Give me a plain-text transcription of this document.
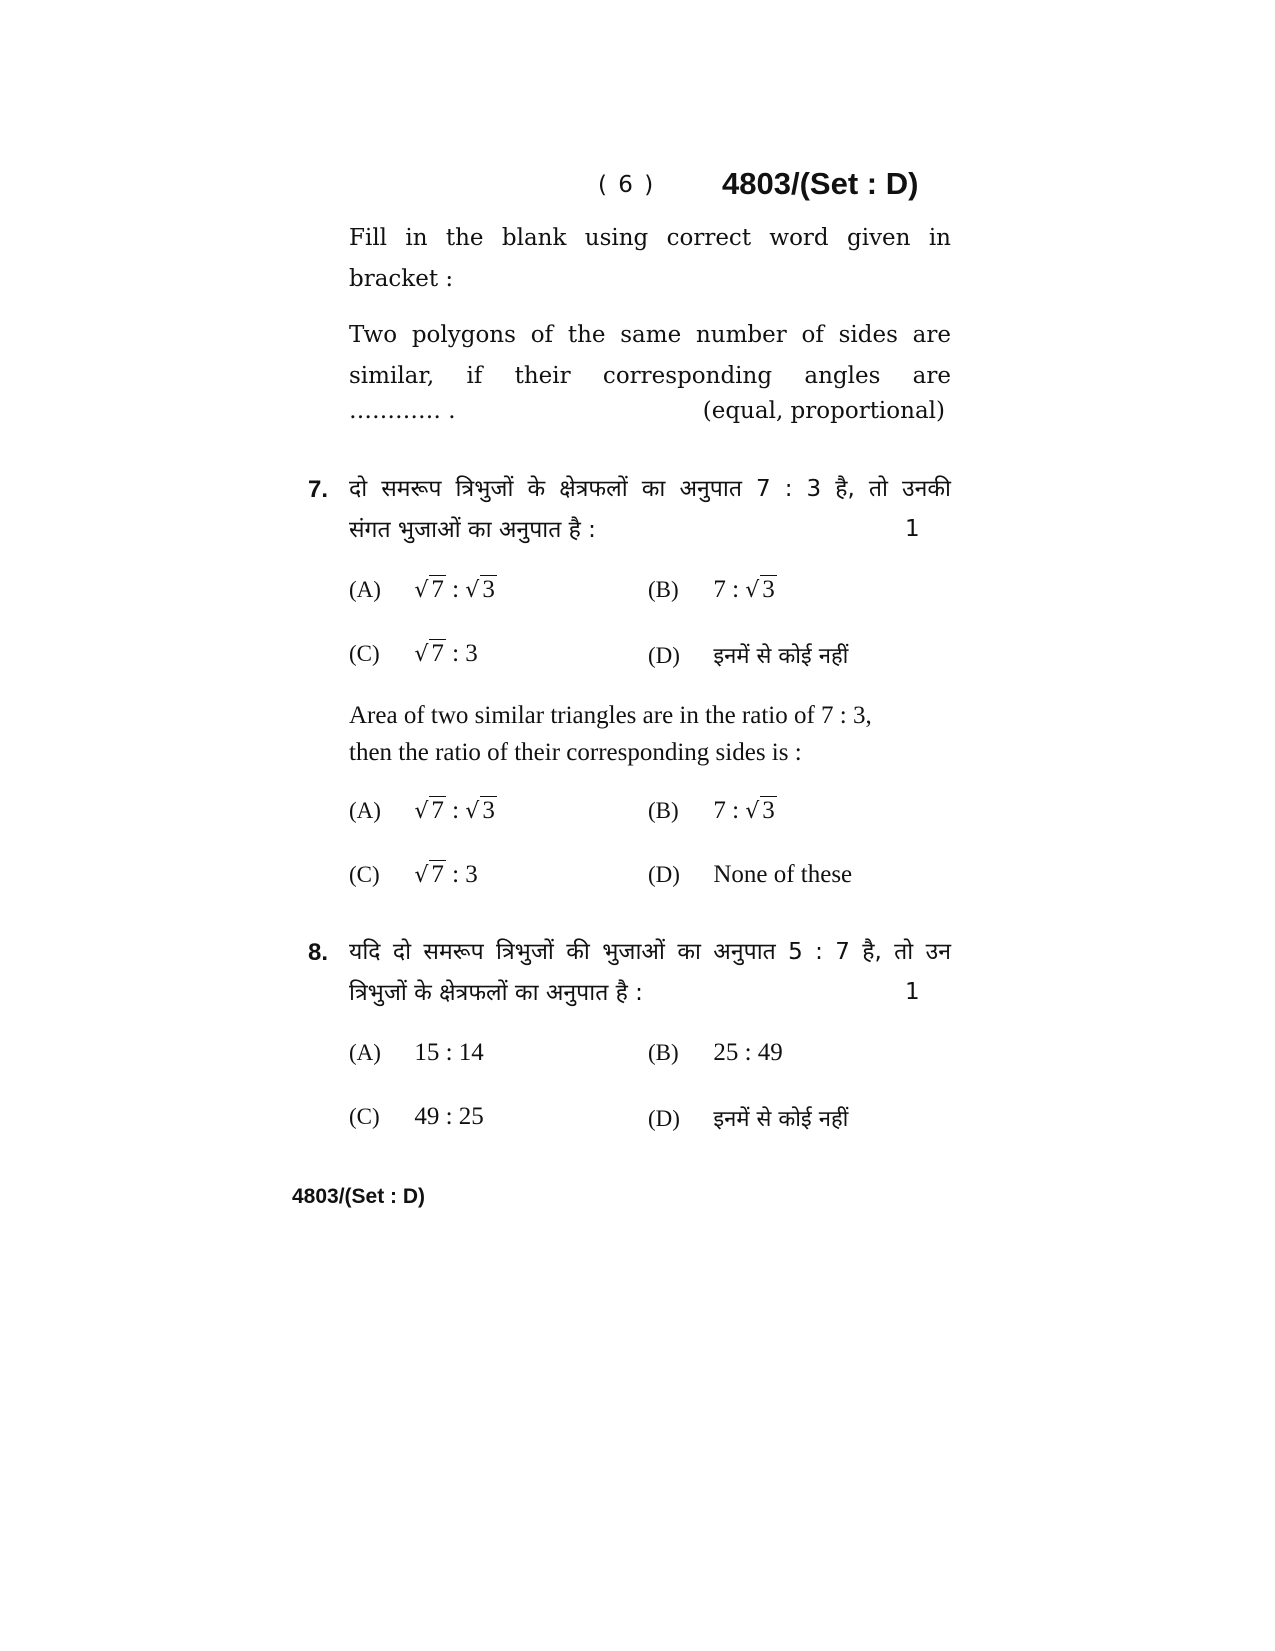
( 6 ) 4803/(Set : D)
Fill in the blank using correct word given in
bracket :
Two polygons of the same number of sides are
similar, if their corresponding angles are
………… .	(equal, proportional)
7. दो समरूप त्रिभुजों के क्षेत्रफलों का अनुपात 7 : 3 है, तो उनकी
संगत भुजाओं का अनुपात है :	1
(A) √ 7 : √ 3	(B) 7 : √ 3
(C) √ 7 : 3	(D) इनमें से कोई नहीं
Area of two similar triangles are in the ratio of 7 : 3,
then the ratio of their corresponding sides is :
(A) √ 7 : √ 3	(B) 7 : √ 3
(C) √ 7 : 3	(D) None of these
8. यदि दो समरूप त्रिभुजों की भुजाओं का अनुपात 5 : 7 है, तो उन
त्रिभुजों के क्षेत्रफलों का अनुपात है :	1
(A) 15 : 14	(B) 25 : 49
(C) 49 : 25	(D) इनमें से कोई नहीं
4803/(Set : D)
